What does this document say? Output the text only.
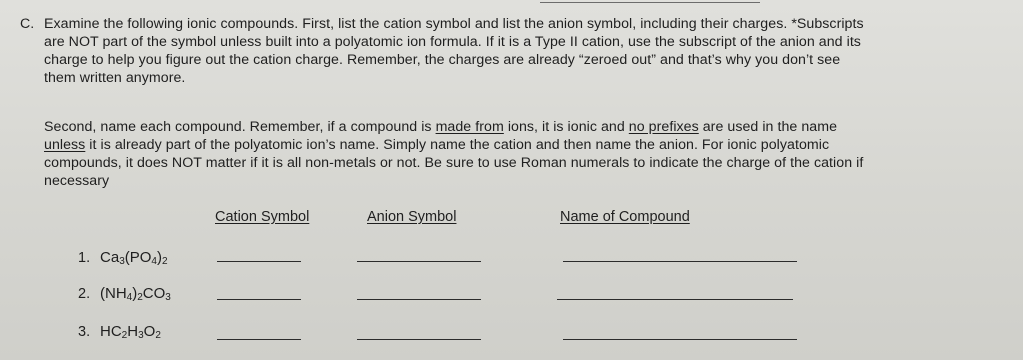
C. Examine the following ionic compounds. First, list the cation symbol and list the anion symbol, including their charges. *Subscripts
are NOT part of the symbol unless built into a polyatomic ion formula. If it is a Type II cation, use the subscript of the anion and its
charge to help you figure out the cation charge. Remember, the charges are already “zeroed out” and that’s why you don’t see
them written anymore.
Second, name each compound. Remember, if a compound is made from ions, it is ionic and no prefixes are used in the name
unless it is already part of the polyatomic ion’s name. Simply name the cation and then name the anion. For ionic polyatomic
compounds, it does NOT matter if it is all non-metals or not. Be sure to use Roman numerals to indicate the charge of the cation if
necessary
Cation Symbol	Anion Symbol	Name of Compound
1. $Ca_3(PO_4)_2$
2. $(NH_4)_2CO_3$
3. $HC_2H_3O_2$
